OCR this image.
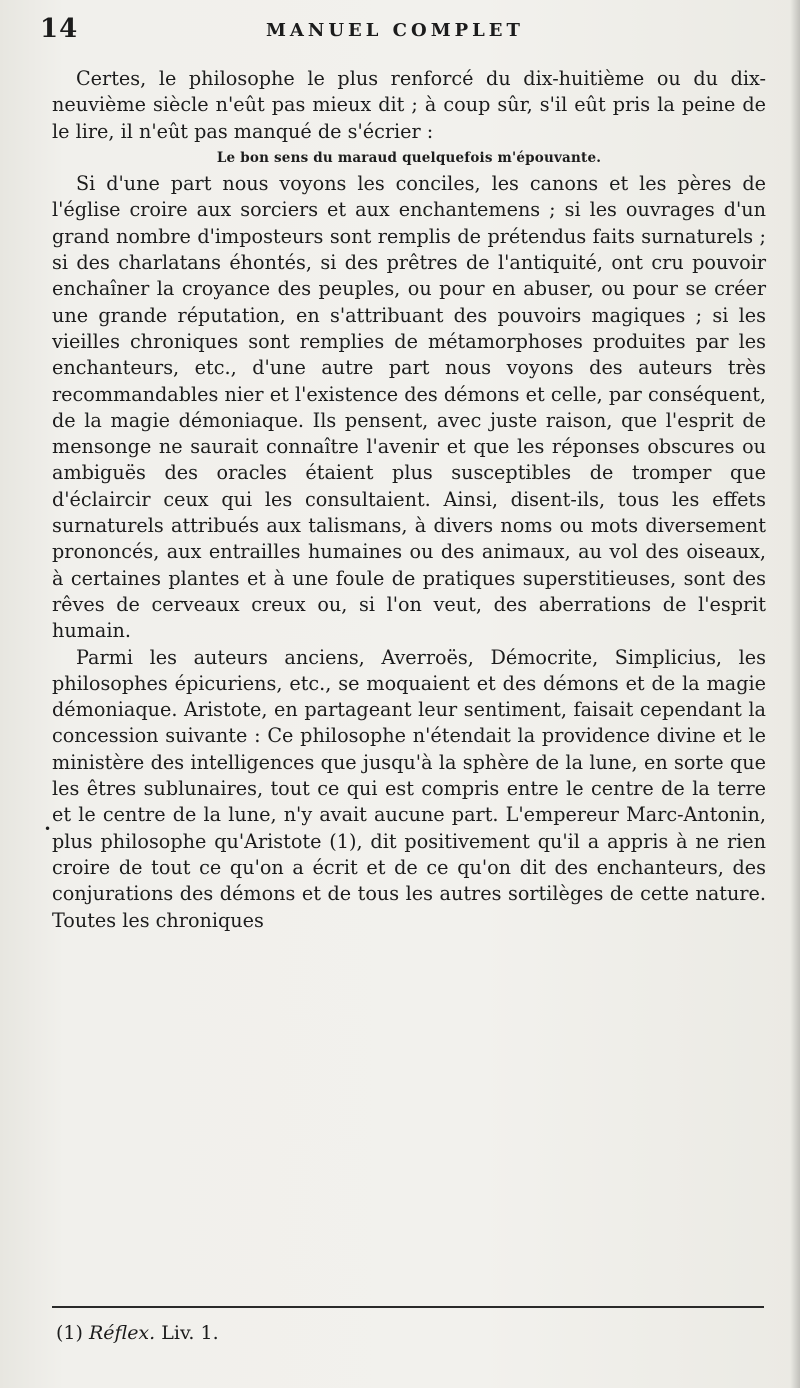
14	MANUEL COMPLET
•

Certes, le philosophe le plus renforcé du dix-huitième ou du dix-neuvième siècle n'eût pas mieux dit ; à coup sûr, s'il eût pris la peine de le lire, il n'eût pas manqué de s'écrier :

Le bon sens du maraud quelquefois m'épouvante.

Si d'une part nous voyons les conciles, les canons et les pères de l'église croire aux sorciers et aux enchantemens ; si les ouvrages d'un grand nombre d'imposteurs sont remplis de prétendus faits surnaturels ; si des charlatans éhontés, si des prêtres de l'antiquité, ont cru pouvoir enchaîner la croyance des peuples, ou pour en abuser, ou pour se créer une grande réputation, en s'attribuant des pouvoirs magiques ; si les vieilles chroniques sont remplies de métamorphoses produites par les enchanteurs, etc., d'une autre part nous voyons des auteurs très recommandables nier et l'existence des démons et celle, par conséquent, de la magie démoniaque. Ils pensent, avec juste raison, que l'esprit de mensonge ne saurait connaître l'avenir et que les réponses obscures ou ambiguës des oracles étaient plus susceptibles de tromper que d'éclaircir ceux qui les consultaient. Ainsi, disent-ils, tous les effets surnaturels attribués aux talismans, à divers noms ou mots diversement prononcés, aux entrailles humaines ou des animaux, au vol des oiseaux, à certaines plantes et à une foule de pratiques superstitieuses, sont des rêves de cerveaux creux ou, si l'on veut, des aberrations de l'esprit humain.

Parmi les auteurs anciens, Averroës, Démocrite, Simplicius, les philosophes épicuriens, etc., se moquaient et des démons et de la magie démoniaque. Aristote, en partageant leur sentiment, faisait cependant la concession suivante : Ce philosophe n'étendait la providence divine et le ministère des intelligences que jusqu'à la sphère de la lune, en sorte que les êtres sublunaires, tout ce qui est compris entre le centre de la terre et le centre de la lune, n'y avait aucune part. L'empereur Marc-Antonin, plus philosophe qu'Aristote (1), dit positivement qu'il a appris à ne rien croire de tout ce qu'on a écrit et de ce qu'on dit des enchanteurs, des conjurations des démons et de tous les autres sortilèges de cette nature. Toutes les chroniques

(1) Réflex. Liv. 1.
